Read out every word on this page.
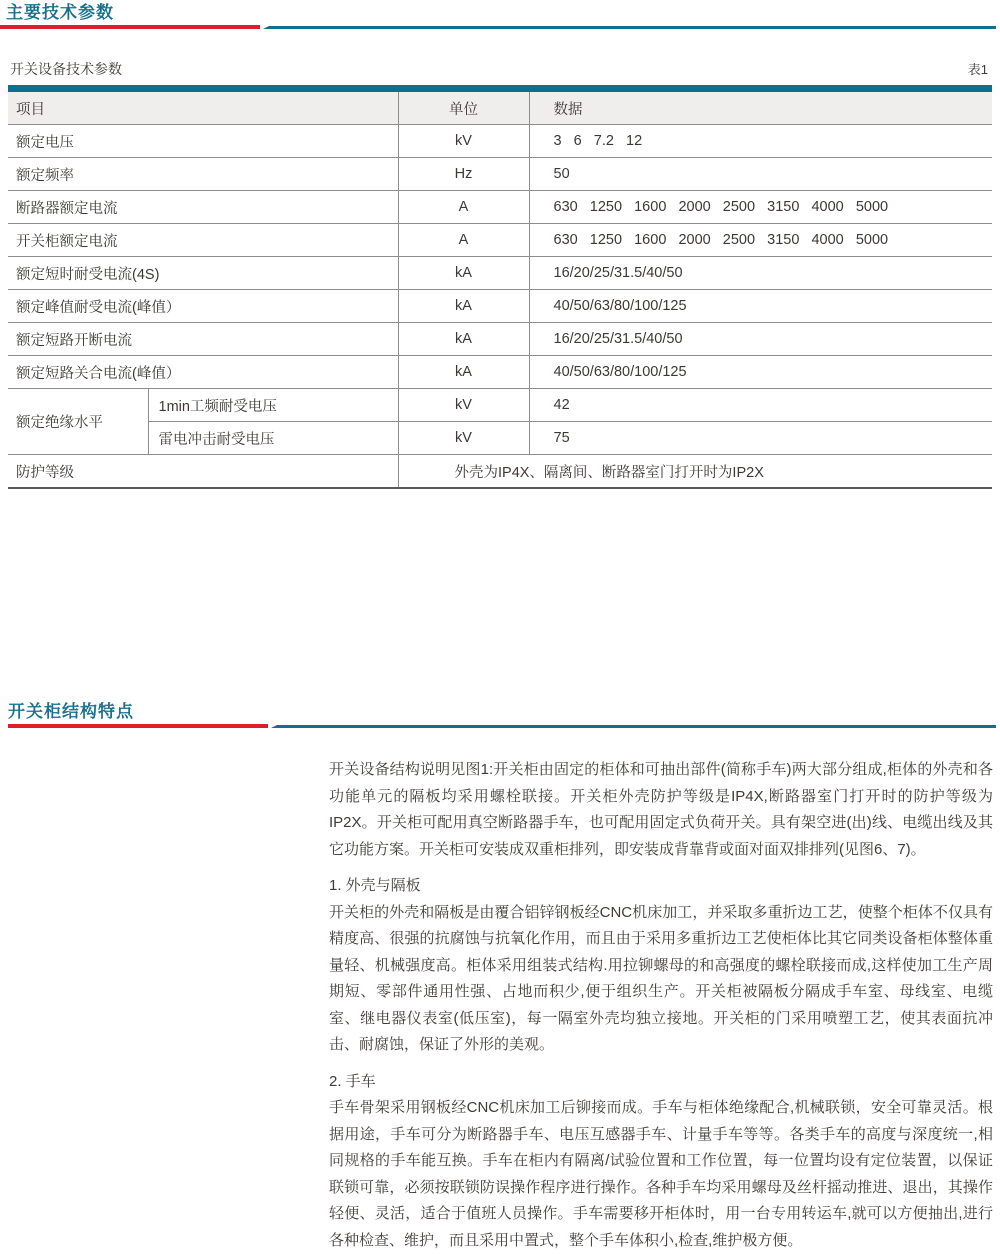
主要技术参数
开关设备技术参数	表1
项目		单位	数据
额定电压		kV	3   6   7.2   12
额定频率		Hz	50
断路器额定电流		A	630   1250   1600   2000   2500   3150   4000   5000
开关柜额定电流		A	630   1250   1600   2000   2500   3150   4000   5000
额定短时耐受电流(4S)		kA	16/20/25/31.5/40/50
额定峰值耐受电流(峰值）		kA	40/50/63/80/100/125
额定短路开断电流		kA	16/20/25/31.5/40/50
额定短路关合电流(峰值）		kA	40/50/63/80/100/125
额定绝缘水平	1min工频耐受电压	kV	42
	雷电冲击耐受电压	kV	75
防护等级		外壳为IP4X、隔离间、断路器室门打开时为IP2X	
开关柜结构特点

开关设备结构说明见图1:开关柜由固定的柜体和可抽出部件(简称手车)两大部分组成,柜体的外壳和各功能单元的隔板均采用螺栓联接。开关柜外壳防护等级是IP4X,断路器室门打开时的防护等级为IP2X。开关柜可配用真空断路器手车，也可配用固定式负荷开关。具有架空进(出)线、电缆出线及其它功能方案。开关柜可安装成双重柜排列，即安装成背靠背或面对面双排排列(见图6、7)。

1. 外壳与隔板

开关柜的外壳和隔板是由覆合铝锌钢板经CNC机床加工，并采取多重折边工艺，使整个柜体不仅具有精度高、很强的抗腐蚀与抗氧化作用，而且由于采用多重折边工艺使柜体比其它同类设备柜体整体重量轻、机械强度高。柜体采用组装式结构.用拉铆螺母的和高强度的螺栓联接而成,这样使加工生产周期短、零部件通用性强、占地而积少,便于组织生产。开关柜被隔板分隔成手车室、母线室、电缆室、继电器仪表室(低压室)，每一隔室外壳均独立接地。开关柜的门采用喷塑工艺，使其表面抗冲击、耐腐蚀，保证了外形的美观。

2. 手车

手车骨架采用钢板经CNC机床加工后铆接而成。手车与柜体绝缘配合,机械联锁，安全可靠灵活。根据用途，手车可分为断路器手车、电压互感器手车、计量手车等等。各类手车的高度与深度统一,相同规格的手车能互换。手车在柜内有隔离/试验位置和工作位置，每一位置均设有定位装置，以保证联锁可靠，必须按联锁防误操作程序进行操作。各种手车均采用螺母及丝杆摇动推进、退出，其操作轻便、灵活，适合于值班人员操作。手车需要移开柜体时，用一台专用转运车,就可以方便抽出,进行各种检查、维护，而且采用中置式，整个手车体积小,检查,维护极方便。
